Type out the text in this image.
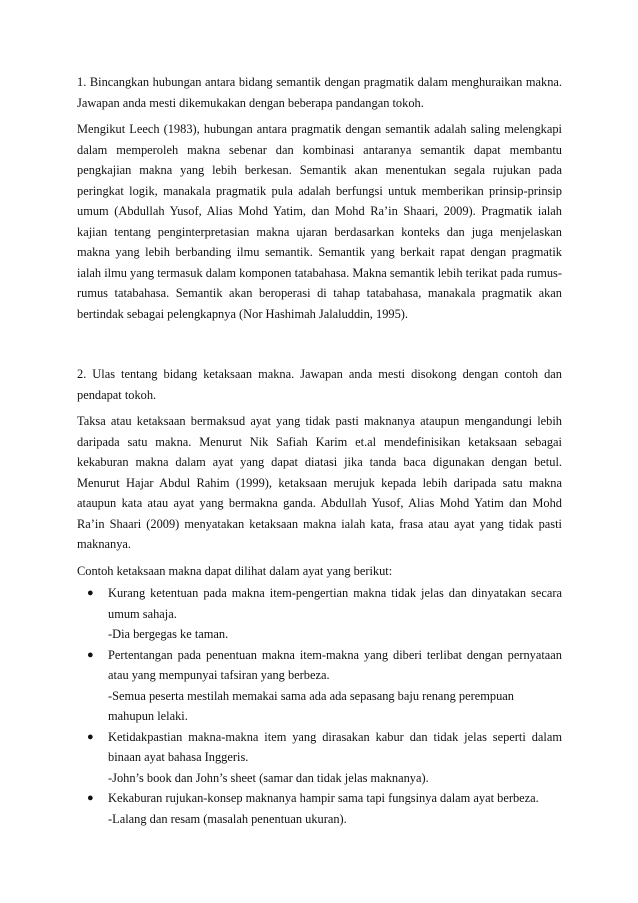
1. Bincangkan hubungan antara bidang semantik dengan pragmatik dalam menghuraikan makna. Jawapan anda mesti dikemukakan dengan beberapa pandangan tokoh.

Mengikut Leech (1983), hubungan antara pragmatik dengan semantik adalah saling melengkapi dalam memperoleh makna sebenar dan kombinasi antaranya semantik dapat membantu pengkajian makna yang lebih berkesan. Semantik akan menentukan segala rujukan pada peringkat logik, manakala pragmatik pula adalah berfungsi untuk memberikan prinsip-prinsip umum (Abdullah Yusof, Alias Mohd Yatim, dan Mohd Ra’in Shaari, 2009). Pragmatik ialah kajian tentang penginterpretasian makna ujaran berdasarkan konteks dan juga menjelaskan makna yang lebih berbanding ilmu semantik. Semantik yang berkait rapat dengan pragmatik ialah ilmu yang termasuk dalam komponen tatabahasa. Makna semantik lebih terikat pada rumus-rumus tatabahasa. Semantik akan beroperasi di tahap tatabahasa, manakala pragmatik akan bertindak sebagai pelengkapnya (Nor Hashimah Jalaluddin, 1995).

2. Ulas tentang bidang ketaksaan makna. Jawapan anda mesti disokong dengan contoh dan pendapat tokoh.

Taksa atau ketaksaan bermaksud ayat yang tidak pasti maknanya ataupun mengandungi lebih daripada satu makna. Menurut Nik Safiah Karim et.al mendefinisikan ketaksaan sebagai kekaburan makna dalam ayat yang dapat diatasi jika tanda baca digunakan dengan betul. Menurut Hajar Abdul Rahim (1999), ketaksaan merujuk kepada lebih daripada satu makna ataupun kata atau ayat yang bermakna ganda. Abdullah Yusof, Alias Mohd Yatim dan Mohd Ra’in Shaari (2009) menyatakan ketaksaan makna ialah kata, frasa atau ayat yang tidak pasti maknanya.

Contoh ketaksaan makna dapat dilihat dalam ayat yang berikut:

● Kurang ketentuan pada makna item-pengertian makna tidak jelas dan dinyatakan secara umum sahaja.

-Dia bergegas ke taman.

● Pertentangan pada penentuan makna item-makna yang diberi terlibat dengan pernyataan atau yang mempunyai tafsiran yang berbeza.

-Semua peserta mestilah memakai sama ada ada sepasang baju renang perempuan mahupun lelaki.

● Ketidakpastian makna-makna item yang dirasakan kabur dan tidak jelas seperti dalam binaan ayat bahasa Inggeris.

-John’s book dan John’s sheet (samar dan tidak jelas maknanya).

● Kekaburan rujukan-konsep maknanya hampir sama tapi fungsinya dalam ayat berbeza.

-Lalang dan resam (masalah penentuan ukuran).
